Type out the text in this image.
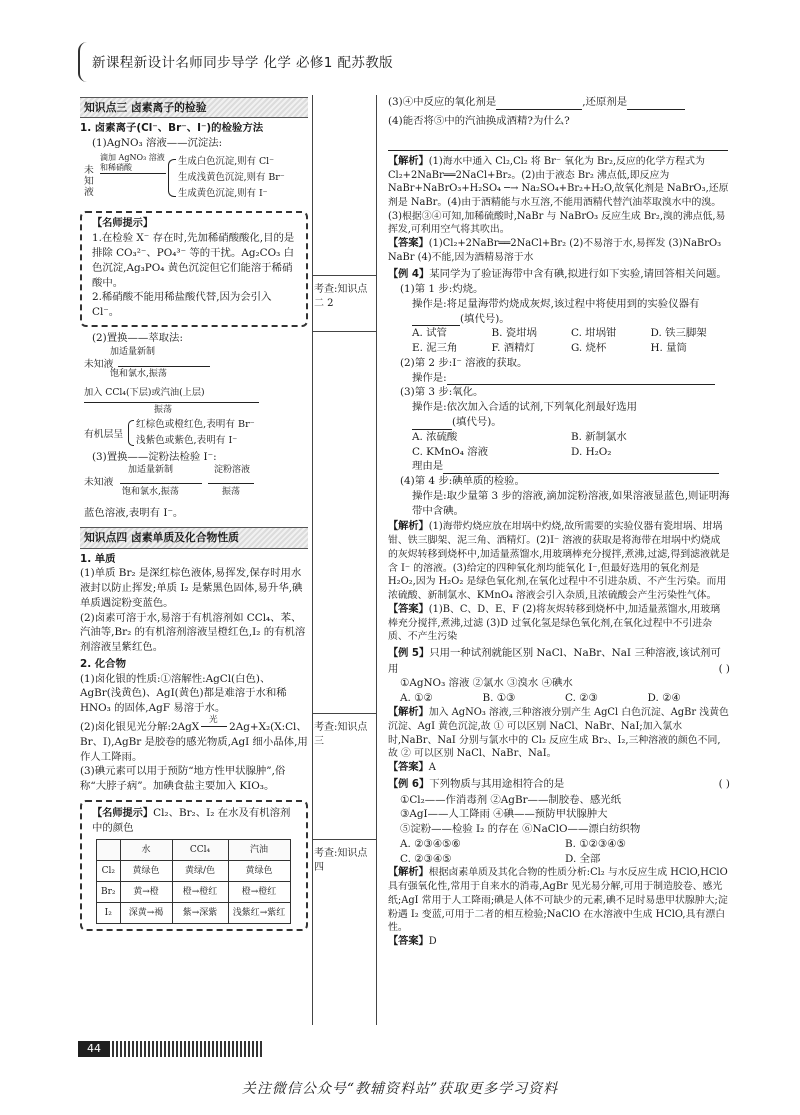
新课程新设计名师同步导学 化学 必修1 配苏教版
知识点三 卤素离子的检验

1. 卤素离子(Cl⁻、Br⁻、I⁻)的检验方法

(1)AgNO₃ 溶液——沉淀法:

未知液
滴加 AgNO₃ 溶液和稀硝酸
生成白色沉淀,则有 Cl⁻
生成浅黄色沉淀,则有 Br⁻
生成黄色沉淀,则有 I⁻

【名师提示】

1.在检验 X⁻ 存在时,先加稀硝酸酸化,目的是排除 CO₃²⁻、PO₄³⁻ 等的干扰。Ag₂CO₃ 白色沉淀,Ag₃PO₄ 黄色沉淀但它们能溶于稀硝酸中。

2.稀硝酸不能用稀盐酸代替,因为会引入 Cl⁻。

(2)置换——萃取法:

加适量新制
未知液
饱和氯水,振荡
加入 CCl₄(下层)或汽油(上层)
振荡
有机层呈
红棕色或橙红色,表明有 Br⁻
浅紫色或紫色,表明有 I⁻

(3)置换——淀粉法检验 I⁻:

未知液
加适量新制
饱和氯水,振荡
淀粉溶液
振荡

蓝色溶液,表明有 I⁻。

知识点四 卤素单质及化合物性质

1. 单质

(1)单质 Br₂ 是深红棕色液体,易挥发,保存时用水液封以防止挥发;单质 I₂ 是紫黑色固体,易升华,碘单质遇淀粉变蓝色。

(2)卤素可溶于水,易溶于有机溶剂如 CCl₄、苯、汽油等,Br₂ 的有机溶剂溶液呈橙红色,I₂ 的有机溶剂溶液呈紫红色。

2. 化合物

(1)卤化银的性质:①溶解性:AgCl(白色)、AgBr(浅黄色)、AgI(黄色)都是难溶于水和稀 HNO₃ 的固体,AgF 易溶于水。

(2)卤化银见光分解:2AgX
光
2Ag+X₂(X:Cl、Br、I),AgBr 是胶卷的感光物质,AgI 细小晶体,用作人工降雨。

(3)碘元素可以用于预防“地方性甲状腺肿”,俗称“大脖子病”。加碘食盐主要加入 KIO₃。

【名师提示】Cl₂、Br₂、I₂ 在水及有机溶剂中的颜色

	水	CCl₄	汽油
Cl₂	黄绿色	黄绿/色	黄绿色
Br₂	黄→橙	橙→橙红	橙→橙红
I₂	深黄→褐	紫→深紫	浅紫红→紫红
考查:知识点二 2
考查:知识点三
考查:知识点四

(3)④中反应的氧化剂是	,还原剂是

(4)能否将⑤中的汽油换成酒精?为什么?

【解析】(1)海水中通入 Cl₂,Cl₂ 将 Br⁻ 氧化为 Br₂,反应的化学方程式为 Cl₂+2NaBr══2NaCl+Br₂。(2)由于液态 Br₂ 沸点低,即反应为 NaBr+NaBrO₃+H₂SO₄ ─→ Na₂SO₄+Br₂+H₂O,故氧化剂是 NaBrO₃,还原剂是 NaBr。(4)由于酒精能与水互溶,不能用酒精代替汽油萃取溴水中的溴。(3)根据③④可知,加稀硫酸时,NaBr 与 NaBrO₃ 反应生成 Br₂,溴的沸点低,易挥发,可利用空气将其吹出。

【答案】(1)Cl₂+2NaBr══2NaCl+Br₂ (2)不易溶于水,易挥发 (3)NaBrO₃ NaBr (4)不能,因为酒精易溶于水

【例 4】某同学为了验证海带中含有碘,拟进行如下实验,请回答相关问题。

(1)第 1 步:灼烧。

操作是:将足量海带灼烧成灰烬,该过程中将使用到的实验仪器有(填代号)。

A. 试管	B. 瓷坩埚	C. 坩埚钳	D. 铁三脚架
E. 泥三角	F. 酒精灯	G. 烧杯	H. 量筒

(2)第 2 步:I⁻ 溶液的获取。

操作是:

(3)第 3 步:氧化。

操作是:依次加入合适的试剂,下列氧化剂最好选用

(填代号)。

A. 浓硫酸	B. 新制氯水
C. KMnO₄ 溶液	D. H₂O₂

理由是

(4)第 4 步:碘单质的检验。

操作是:取少量第 3 步的溶液,滴加淀粉溶液,如果溶液显蓝色,则证明海带中含碘。

【解析】(1)海带灼烧应放在坩埚中灼烧,故所需要的实验仪器有瓷坩埚、坩埚钳、铁三脚架、泥三角、酒精灯。(2)I⁻ 溶液的获取是将海带在坩埚中灼烧成的灰烬转移到烧杯中,加适量蒸馏水,用玻璃棒充分搅拌,煮沸,过滤,得到滤液就是含 I⁻ 的溶液。(3)给定的四种氧化剂均能氧化 I⁻,但最好选用的氧化剂是 H₂O₂,因为 H₂O₂ 是绿色氧化剂,在氧化过程中不引进杂质、不产生污染。而用浓硫酸、新制氯水、KMnO₄ 溶液会引入杂质,且浓硫酸会产生污染性气体。

【答案】(1)B、C、D、E、F (2)将灰烬转移到烧杯中,加适量蒸馏水,用玻璃棒充分搅拌,煮沸,过滤 (3)D 过氧化氢是绿色氧化剂,在氧化过程中不引进杂质、不产生污染

【例 5】只用一种试剂就能区别 NaCl、NaBr、NaI 三种溶液,该试剂可用	( )

①AgNO₃ 溶液 ②氯水 ③溴水 ④碘水

A. ①②	B. ①③	C. ②③	D. ②④

【解析】加入 AgNO₃ 溶液,三种溶液分别产生 AgCl 白色沉淀、AgBr 浅黄色沉淀、AgI 黄色沉淀,故 ① 可以区别 NaCl、NaBr、NaI;加入氯水时,NaBr、NaI 分别与氯水中的 Cl₂ 反应生成 Br₂、I₂,三种溶液的颜色不同,故 ② 可以区别 NaCl、NaBr、NaI。

【答案】A

【例 6】下列物质与其用途相符合的是	( )

①Cl₂——作消毒剂 ②AgBr——制胶卷、感光纸

③AgI——人工降雨 ④碘——预防甲状腺肿大

⑤淀粉——检验 I₂ 的存在 ⑥NaClO——漂白纺织物

A. ②③④⑤⑥	B. ①②③④⑤
C. ②③④⑤	D. 全部

【解析】根据卤素单质及其化合物的性质分析:Cl₂ 与水反应生成 HClO,HClO 具有强氧化性,常用于自来水的消毒,AgBr 见光易分解,可用于制造胶卷、感光纸;AgI 常用于人工降雨;碘是人体不可缺少的元素,碘不足时易患甲状腺肿大;淀粉遇 I₂ 变蓝,可用于二者的相互检验;NaClO 在水溶液中生成 HClO,具有漂白性。

【答案】D

44
关注微信公众号“教辅资料站”获取更多学习资料
